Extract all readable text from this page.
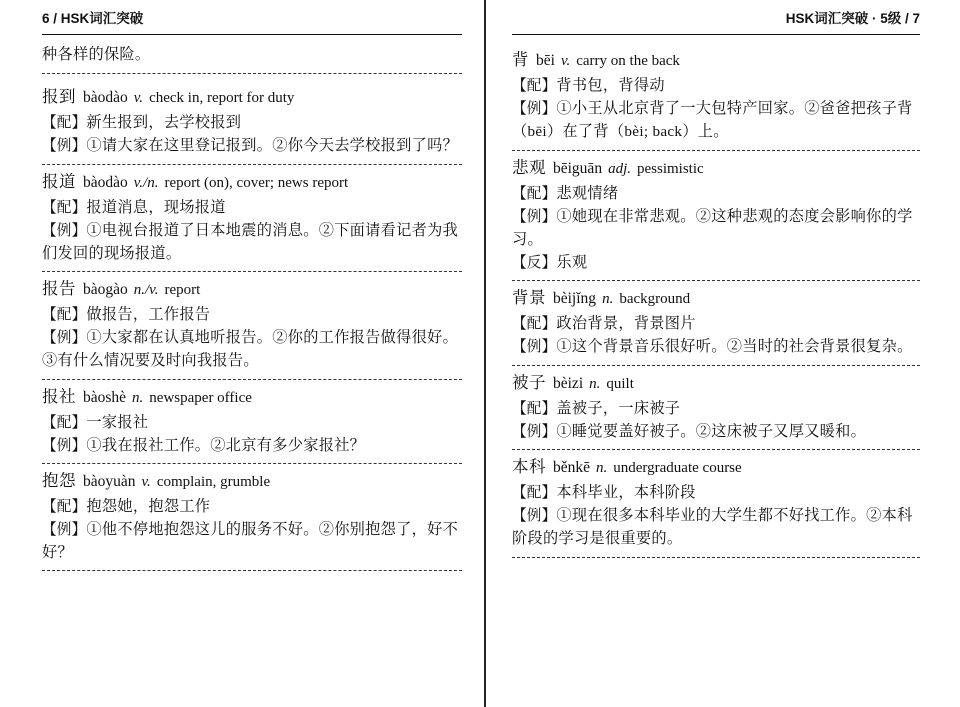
6 / HSK词汇突破
种各样的保险。
报到 bàodào v. check in, report for duty
【配】新生报到，去学校报到
【例】①请大家在这里登记报到。②你今天去学校报到了吗？
报道 bàodào v./n. report (on), cover; news report
【配】报道消息，现场报道
【例】①电视台报道了日本地震的消息。②下面请看记者为我们发回的现场报道。
报告 bàogào n./v. report
【配】做报告，工作报告
【例】①大家都在认真地听报告。②你的工作报告做得很好。③有什么情况要及时向我报告。
报社 bàoshè n. newspaper office
【配】一家报社
【例】①我在报社工作。②北京有多少家报社？
抱怨 bàoyuàn v. complain, grumble
【配】抱怨她，抱怨工作
【例】①他不停地抱怨这儿的服务不好。②你别抱怨了，好不好？
HSK词汇突破 · 5级 / 7
背 bēi v. carry on the back
【配】背书包，背得动
【例】①小王从北京背了一大包特产回家。②爸爸把孩子背（bēi）在了背（bèi; back）上。
悲观 bēiguān adj. pessimistic
【配】悲观情绪
【例】①她现在非常悲观。②这种悲观的态度会影响你的学习。
【反】乐观
背景 bèijǐng n. background
【配】政治背景，背景图片
【例】①这个背景音乐很好听。②当时的社会背景很复杂。
被子 bèizi n. quilt
【配】盖被子，一床被子
【例】①睡觉要盖好被子。②这床被子又厚又暖和。
本科 běnkē n. undergraduate course
【配】本科毕业，本科阶段
【例】①现在很多本科毕业的大学生都不好找工作。②本科阶段的学习是很重要的。
